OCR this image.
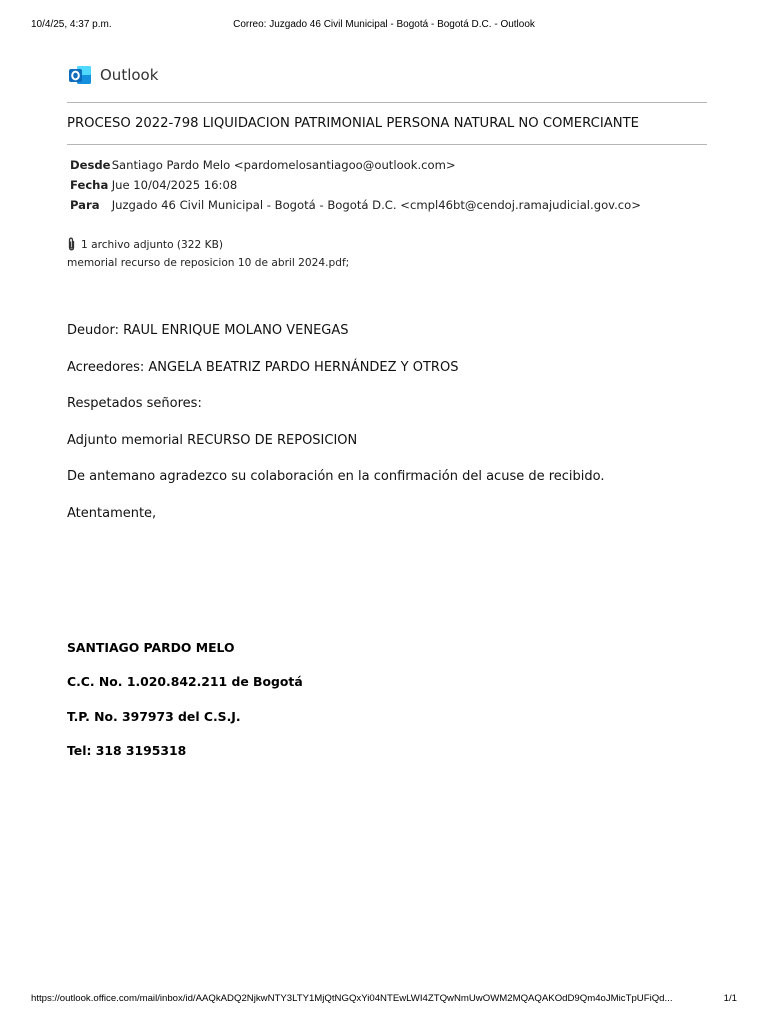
10/4/25, 4:37 p.m.	Correo: Juzgado 46 Civil Municipal - Bogotá - Bogotá D.C. - Outlook
Outlook
PROCESO 2022-798 LIQUIDACION PATRIMONIAL PERSONA NATURAL NO COMERCIANTE
Desde Santiago Pardo Melo <pardomelosantiagoo@outlook.com>
Fecha Jue 10/04/2025 16:08
Para Juzgado 46 Civil Municipal - Bogotá - Bogotá D.C. <cmpl46bt@cendoj.ramajudicial.gov.co>
1 archivo adjunto (322 KB)
memorial recurso de reposicion 10 de abril 2024.pdf;

Deudor: RAUL ENRIQUE MOLANO VENEGAS

Acreedores: ANGELA BEATRIZ PARDO HERNÁNDEZ Y OTROS

Respetados señores:

Adjunto memorial RECURSO DE REPOSICION

De antemano agradezco su colaboración en la confirmación del acuse de recibido.

Atentamente,

SANTIAGO PARDO MELO

C.C. No. 1.020.842.211 de Bogotá

T.P. No. 397973 del C.S.J.

Tel: 318 3195318

https://outlook.office.com/mail/inbox/id/AAQkADQ2NjkwNTY3LTY1MjQtNGQxYi04NTEwLWI4ZTQwNmUwOWM2MQAQAKOdD9Qm4oJMicTpUFiQd...	1/1
